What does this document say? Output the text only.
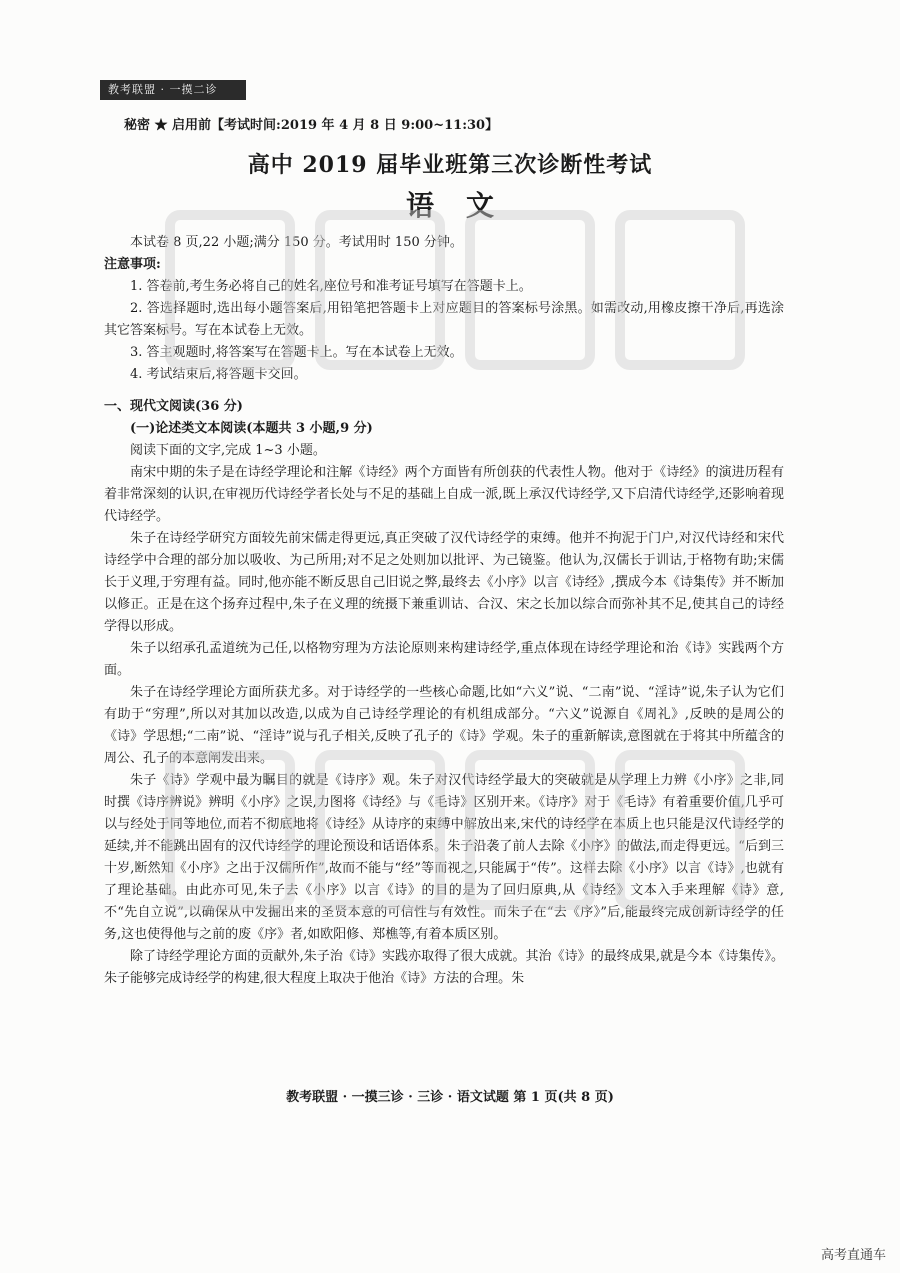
教考联盟 · 一摸二诊
秘密 ★ 启用前【考试时间:2019 年 4 月 8 日 9:00~11:30】
高中 2019 届毕业班第三次诊断性考试
语文

本试卷 8 页,22 小题;满分 150 分。考试用时 150 分钟。

注意事项:

1. 答卷前,考生务必将自己的姓名,座位号和准考证号填写在答题卡上。

2. 答选择题时,选出每小题答案后,用铅笔把答题卡上对应题目的答案标号涂黑。如需改动,用橡皮擦干净后,再选涂其它答案标号。写在本试卷上无效。

3. 答主观题时,将答案写在答题卡上。写在本试卷上无效。

4. 考试结束后,将答题卡交回。

一、现代文阅读(36 分)

(一)论述类文本阅读(本题共 3 小题,9 分)

阅读下面的文字,完成 1~3 小题。

南宋中期的朱子是在诗经学理论和注解《诗经》两个方面皆有所创获的代表性人物。他对于《诗经》的演进历程有着非常深刻的认识,在审视历代诗经学者长处与不足的基础上自成一派,既上承汉代诗经学,又下启清代诗经学,还影响着现代诗经学。

朱子在诗经学研究方面较先前宋儒走得更远,真正突破了汉代诗经学的束缚。他并不拘泥于门户,对汉代诗经和宋代诗经学中合理的部分加以吸收、为己所用;对不足之处则加以批评、为己镜鉴。他认为,汉儒长于训诂,于格物有助;宋儒长于义理,于穷理有益。同时,他亦能不断反思自己旧说之弊,最终去《小序》以言《诗经》,撰成今本《诗集传》并不断加以修正。正是在这个扬弃过程中,朱子在义理的统摄下兼重训诂、合汉、宋之长加以综合而弥补其不足,使其自己的诗经学得以形成。

朱子以绍承孔孟道统为己任,以格物穷理为方法论原则来构建诗经学,重点体现在诗经学理论和治《诗》实践两个方面。

朱子在诗经学理论方面所获尤多。对于诗经学的一些核心命题,比如“六义”说、“二南”说、“淫诗”说,朱子认为它们有助于“穷理”,所以对其加以改造,以成为自己诗经学理论的有机组成部分。“六义”说源自《周礼》,反映的是周公的《诗》学思想;“二南”说、“淫诗”说与孔子相关,反映了孔子的《诗》学观。朱子的重新解读,意图就在于将其中所蕴含的周公、孔子的本意阐发出来。

朱子《诗》学观中最为瞩目的就是《诗序》观。朱子对汉代诗经学最大的突破就是从学理上力辨《小序》之非,同时撰《诗序辨说》辨明《小序》之误,力图将《诗经》与《毛诗》区别开来。《诗序》对于《毛诗》有着重要价值,几乎可以与经处于同等地位,而若不彻底地将《诗经》从诗序的束缚中解放出来,宋代的诗经学在本质上也只能是汉代诗经学的延续,并不能跳出固有的汉代诗经学的理论预设和话语体系。朱子沿袭了前人去除《小序》的做法,而走得更远。“后到三十岁,断然知《小序》之出于汉儒所作”,故而不能与“经”等而视之,只能属于“传”。这样去除《小序》以言《诗》,也就有了理论基础。由此亦可见,朱子去《小序》以言《诗》的目的是为了回归原典,从《诗经》文本入手来理解《诗》意,不“先自立说”,以确保从中发掘出来的圣贤本意的可信性与有效性。而朱子在“去《序》”后,能最终完成创新诗经学的任务,这也使得他与之前的废《序》者,如欧阳修、郑樵等,有着本质区别。

除了诗经学理论方面的贡献外,朱子治《诗》实践亦取得了很大成就。其治《诗》的最终成果,就是今本《诗集传》。朱子能够完成诗经学的构建,很大程度上取决于他治《诗》方法的合理。朱

教考联盟 · 一摸三诊 · 三诊 · 语文试题 第 1 页(共 8 页)
高考直通车
